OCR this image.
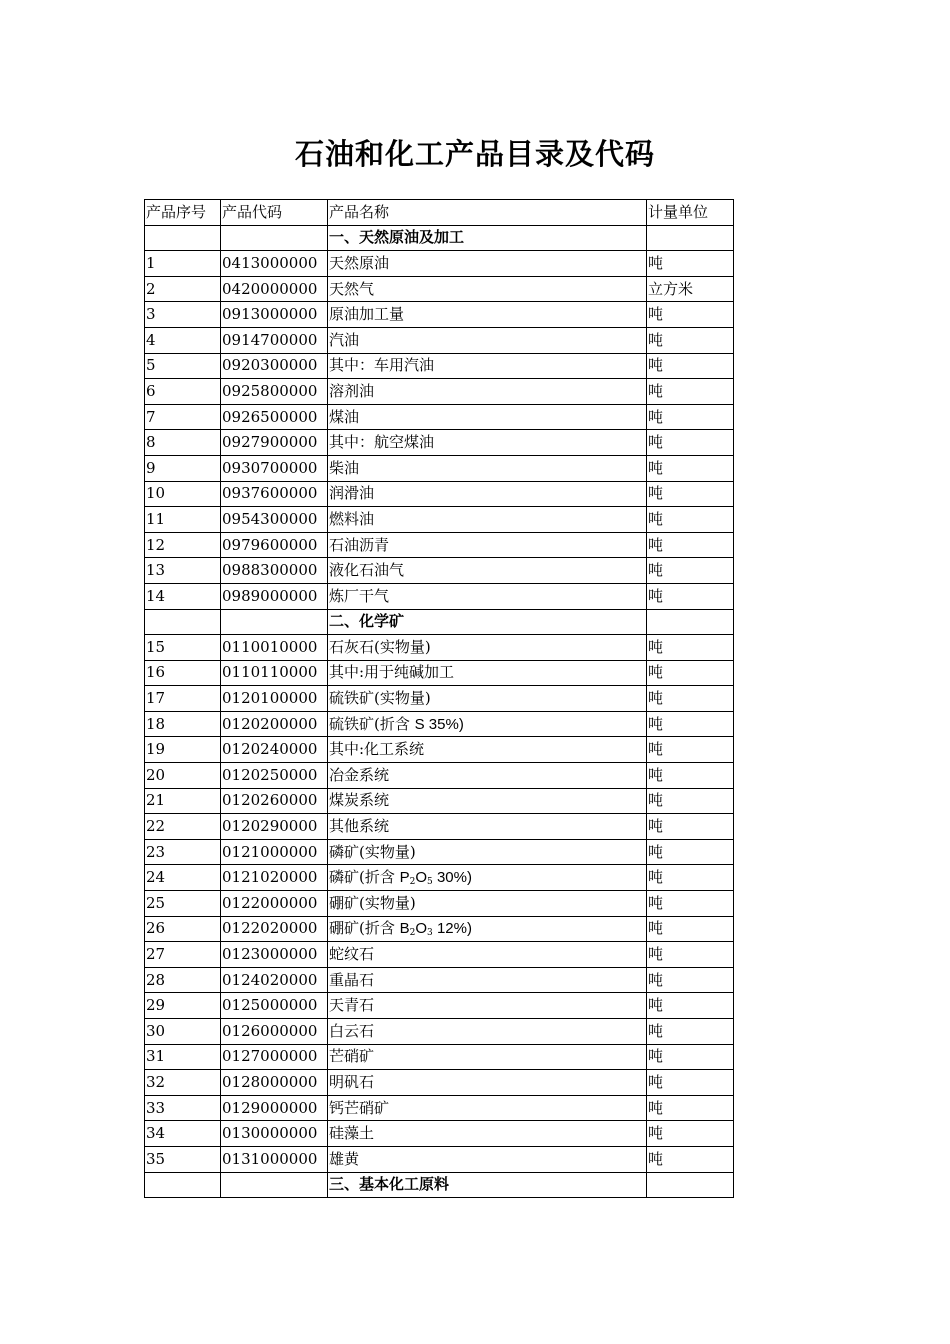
石油和化工产品目录及代码
产品序号	产品代码	产品名称	计量单位
		一、天然原油及加工	
1	0413000000	天然原油	吨
2	0420000000	天然气	立方米
3	0913000000	原油加工量	吨
4	0914700000	汽油	吨
5	0920300000	其中：车用汽油	吨
6	0925800000	溶剂油	吨
7	0926500000	煤油	吨
8	0927900000	其中：航空煤油	吨
9	0930700000	柴油	吨
10	0937600000	润滑油	吨
11	0954300000	燃料油	吨
12	0979600000	石油沥青	吨
13	0988300000	液化石油气	吨
14	0989000000	炼厂干气	吨
		二、化学矿	
15	0110010000	石灰石(实物量)	吨
16	0110110000	其中:用于纯碱加工	吨
17	0120100000	硫铁矿(实物量)	吨
18	0120200000	硫铁矿(折含 S 35%)	吨
19	0120240000	其中:化工系统	吨
20	0120250000	冶金系统	吨
21	0120260000	煤炭系统	吨
22	0120290000	其他系统	吨
23	0121000000	磷矿(实物量)	吨
24	0121020000	磷矿(折含 $P_2O_5$ 30%)	吨
25	0122000000	硼矿(实物量)	吨
26	0122020000	硼矿(折含 $B_2O_3$ 12%)	吨
27	0123000000	蛇纹石	吨
28	0124020000	重晶石	吨
29	0125000000	天青石	吨
30	0126000000	白云石	吨
31	0127000000	芒硝矿	吨
32	0128000000	明矾石	吨
33	0129000000	钙芒硝矿	吨
34	0130000000	硅藻土	吨
35	0131000000	雄黄	吨
		三、基本化工原料	
